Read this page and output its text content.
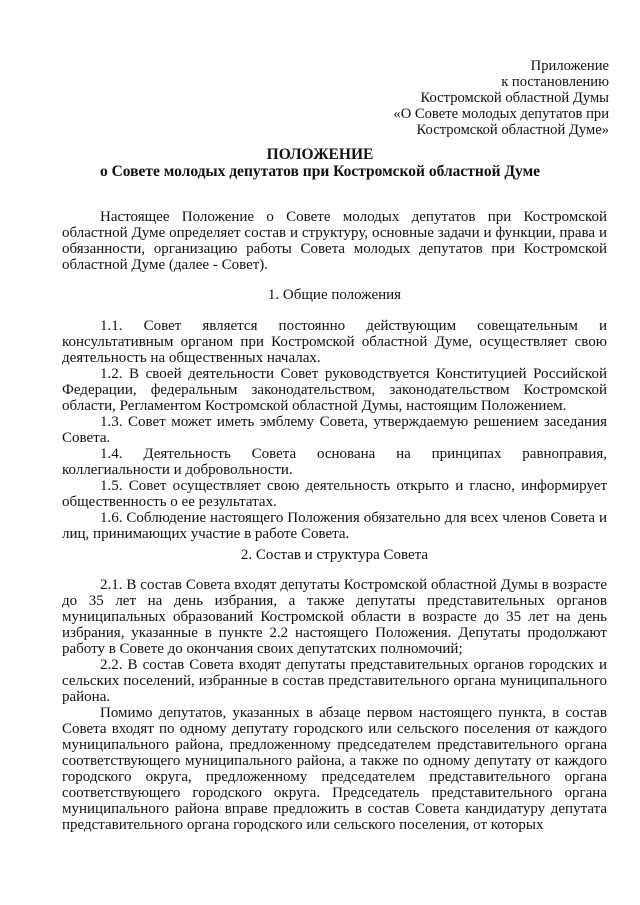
Приложение
к постановлению
Костромской областной Думы
«О Совете молодых депутатов при
Костромской областной Думе»
ПОЛОЖЕНИЕ
о Совете молодых депутатов при Костромской областной Думе

Настоящее Положение о Совете молодых депутатов при Костромской областной Думе определяет состав и структуру, основные задачи и функции, права и обязанности, организацию работы Совета молодых депутатов при Костромской областной Думе (далее - Совет).

1. Общие положения

1.1. Совет является постоянно действующим совещательным и консультативным органом при Костромской областной Думе, осуществляет свою деятельность на общественных началах.

1.2. В своей деятельности Совет руководствуется Конституцией Российской Федерации, федеральным законодательством, законодательством Костромской области, Регламентом Костромской областной Думы, настоящим Положением.

1.3. Совет может иметь эмблему Совета, утверждаемую решением заседания Совета.

1.4. Деятельность Совета основана на принципах равноправия, коллегиальности и добровольности.

1.5. Совет осуществляет свою деятельность открыто и гласно, информирует общественность о ее результатах.

1.6. Соблюдение настоящего Положения обязательно для всех членов Совета и лиц, принимающих участие в работе Совета.

2. Состав и структура Совета

2.1. В состав Совета входят депутаты Костромской областной Думы в возрасте до 35 лет на день избрания, а также депутаты представительных органов муниципальных образований Костромской области в возрасте до 35 лет на день избрания, указанные в пункте 2.2 настоящего Положения. Депутаты продолжают работу в Совете до окончания своих депутатских полномочий;

2.2. В состав Совета входят депутаты представительных органов городских и сельских поселений, избранные в состав представительного органа муниципального района.

Помимо депутатов, указанных в абзаце первом настоящего пункта, в состав Совета входят по одному депутату городского или сельского поселения от каждого муниципального района, предложенному председателем представительного органа соответствующего муниципального района, а также по одному депутату от каждого городского округа, предложенному председателем представительного органа соответствующего городского округа. Председатель представительного органа муниципального района вправе предложить в состав Совета кандидатуру депутата представительного органа городского или сельского поселения, от которых
